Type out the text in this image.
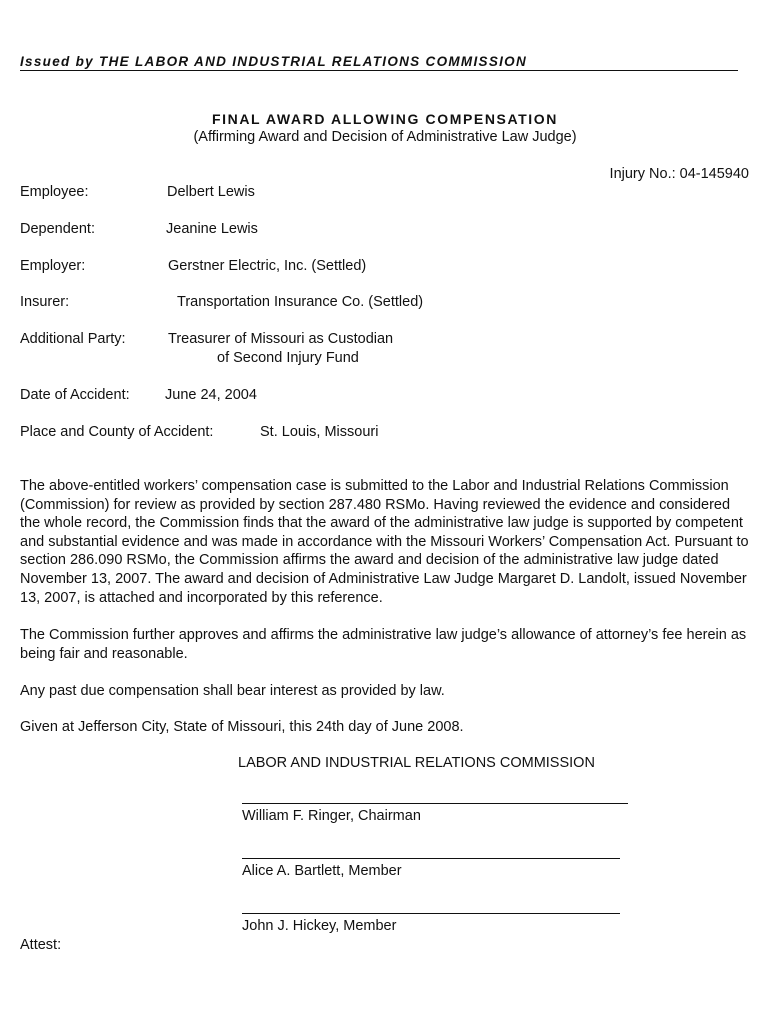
Issued by THE LABOR AND INDUSTRIAL RELATIONS COMMISSION
FINAL AWARD ALLOWING COMPENSATION
(Affirming Award and Decision of Administrative Law Judge)
Injury No.: 04-145940
Employee:	Delbert Lewis
Dependent:	Jeanine Lewis
Employer:	Gerstner Electric, Inc. (Settled)
Insurer:	Transportation Insurance Co. (Settled)
Additional Party:	Treasurer of Missouri as Custodian
of Second Injury Fund
Date of Accident: June 24, 2004
Place and County of Accident:	St. Louis, Missouri
The above-entitled workers’ compensation case is submitted to the Labor and Industrial Relations Commission (Commission) for review as provided by section 287.480 RSMo. Having reviewed the evidence and considered the whole record, the Commission finds that the award of the administrative law judge is supported by competent and substantial evidence and was made in accordance with the Missouri Workers’ Compensation Act. Pursuant to section 286.090 RSMo, the Commission affirms the award and decision of the administrative law judge dated November 13, 2007. The award and decision of Administrative Law Judge Margaret D. Landolt, issued November 13, 2007, is attached and incorporated by this reference.
The Commission further approves and affirms the administrative law judge’s allowance of attorney’s fee herein as being fair and reasonable.
Any past due compensation shall bear interest as provided by law.
Given at Jefferson City, State of Missouri, this 24th day of June 2008.
LABOR AND INDUSTRIAL RELATIONS COMMISSION
William F. Ringer, Chairman
Alice A. Bartlett, Member
John J. Hickey, Member
Attest:
